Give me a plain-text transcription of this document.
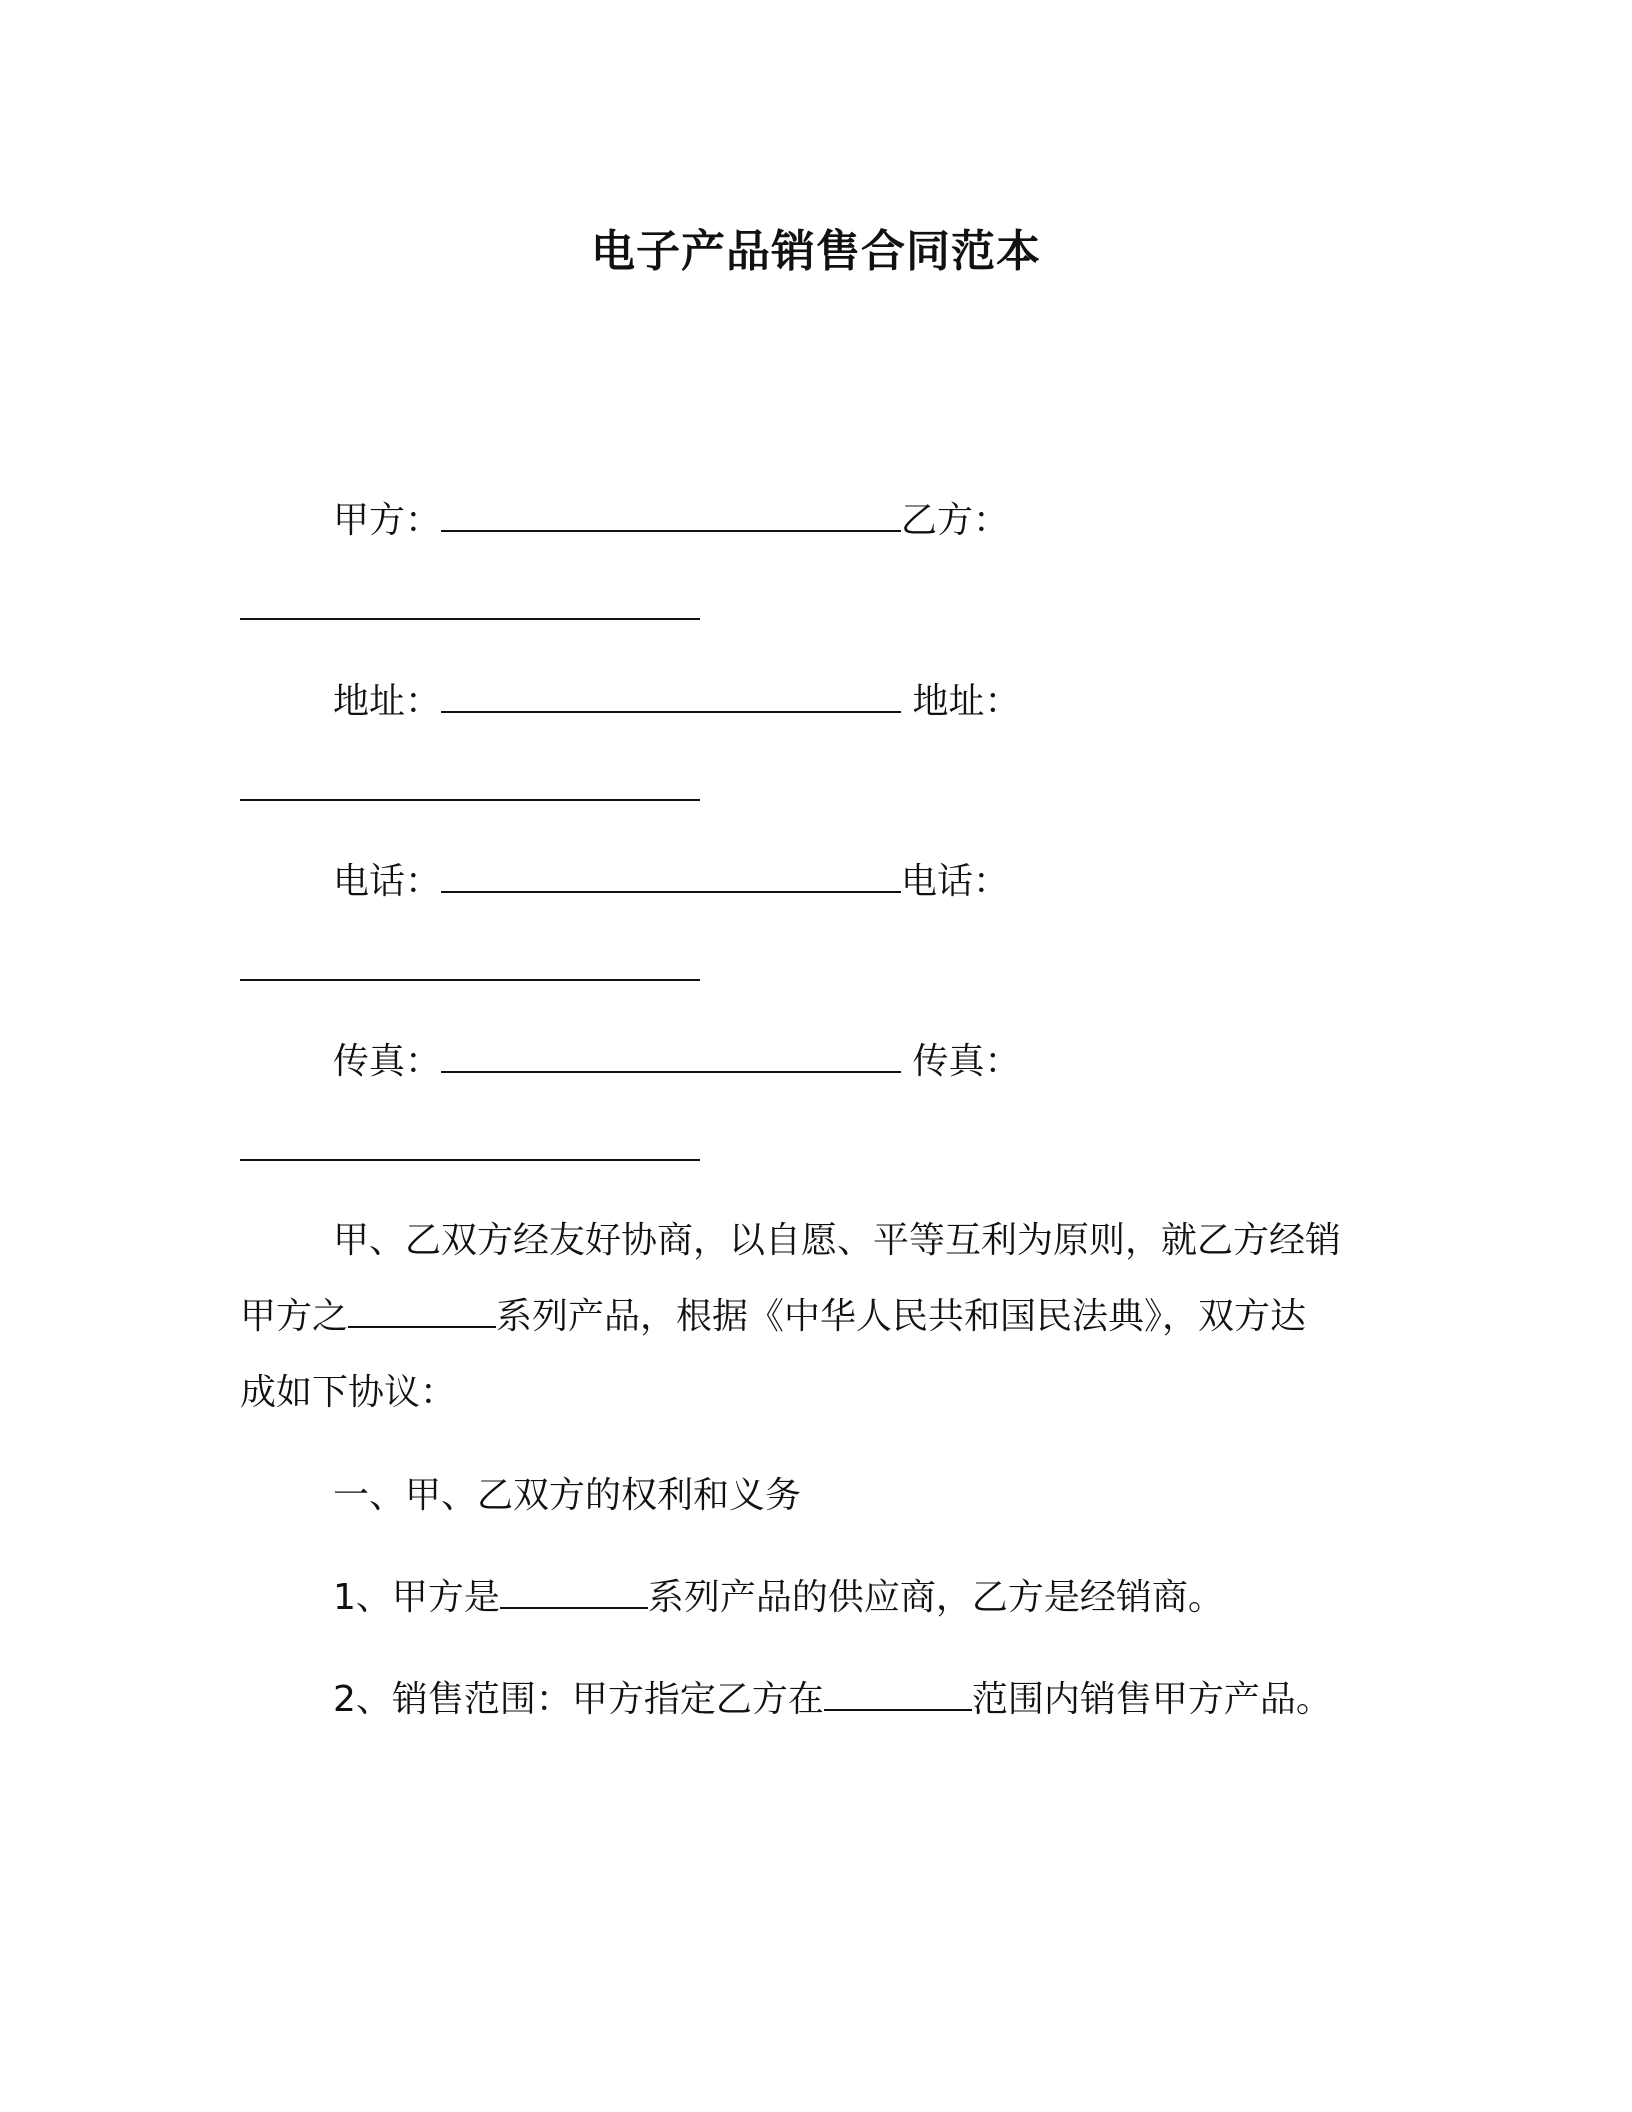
电子产品销售合同范本
甲方：	乙方：
地址：	地址：
电话：	电话：
传真：	传真：
甲、乙双方经友好协商，以自愿、平等互利为原则，就乙方经销
甲方之	系列产品，根据《中华人民共和国民法典》，双方达
成如下协议：
一、甲、乙双方的权利和义务
1、甲方是	系列产品的供应商，乙方是经销商。
2、销售范围：甲方指定乙方在	范围内销售甲方产品。
